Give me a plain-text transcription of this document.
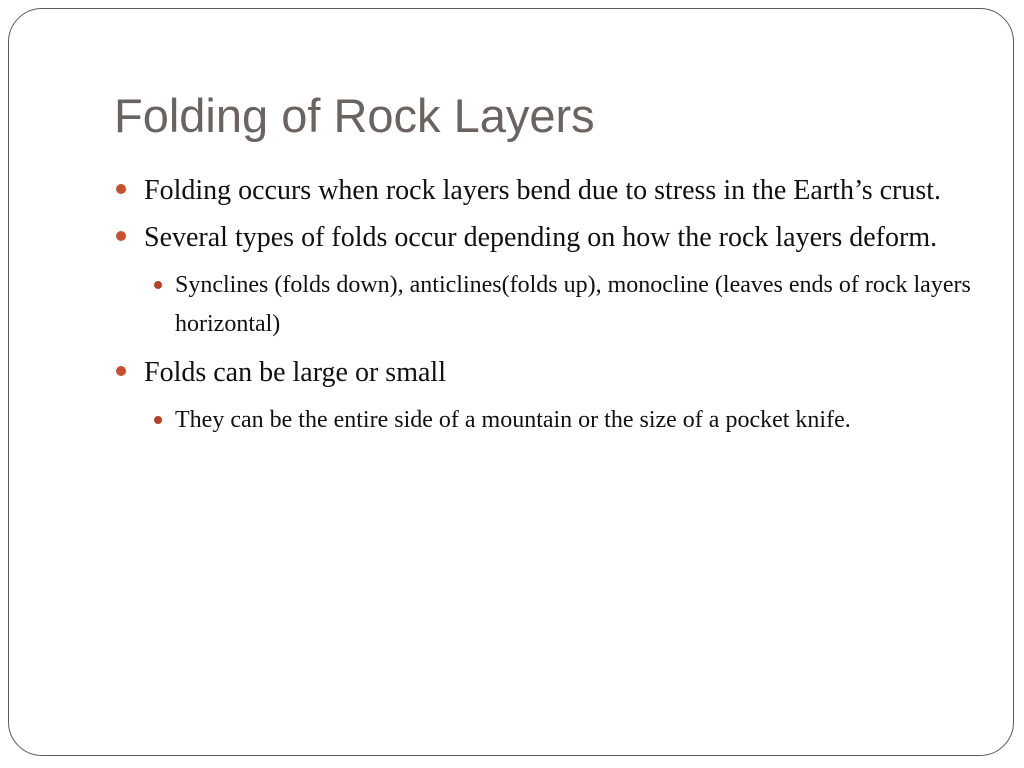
Folding of Rock Layers
Folding occurs when rock layers bend due to stress in the Earth’s crust.
Several types of folds occur depending on how the rock layers deform.
Synclines (folds down), anticlines(folds up), monocline (leaves ends of rock layers horizontal)
Folds can be large or small
They can be the entire side of a mountain or the size of a pocket knife.
